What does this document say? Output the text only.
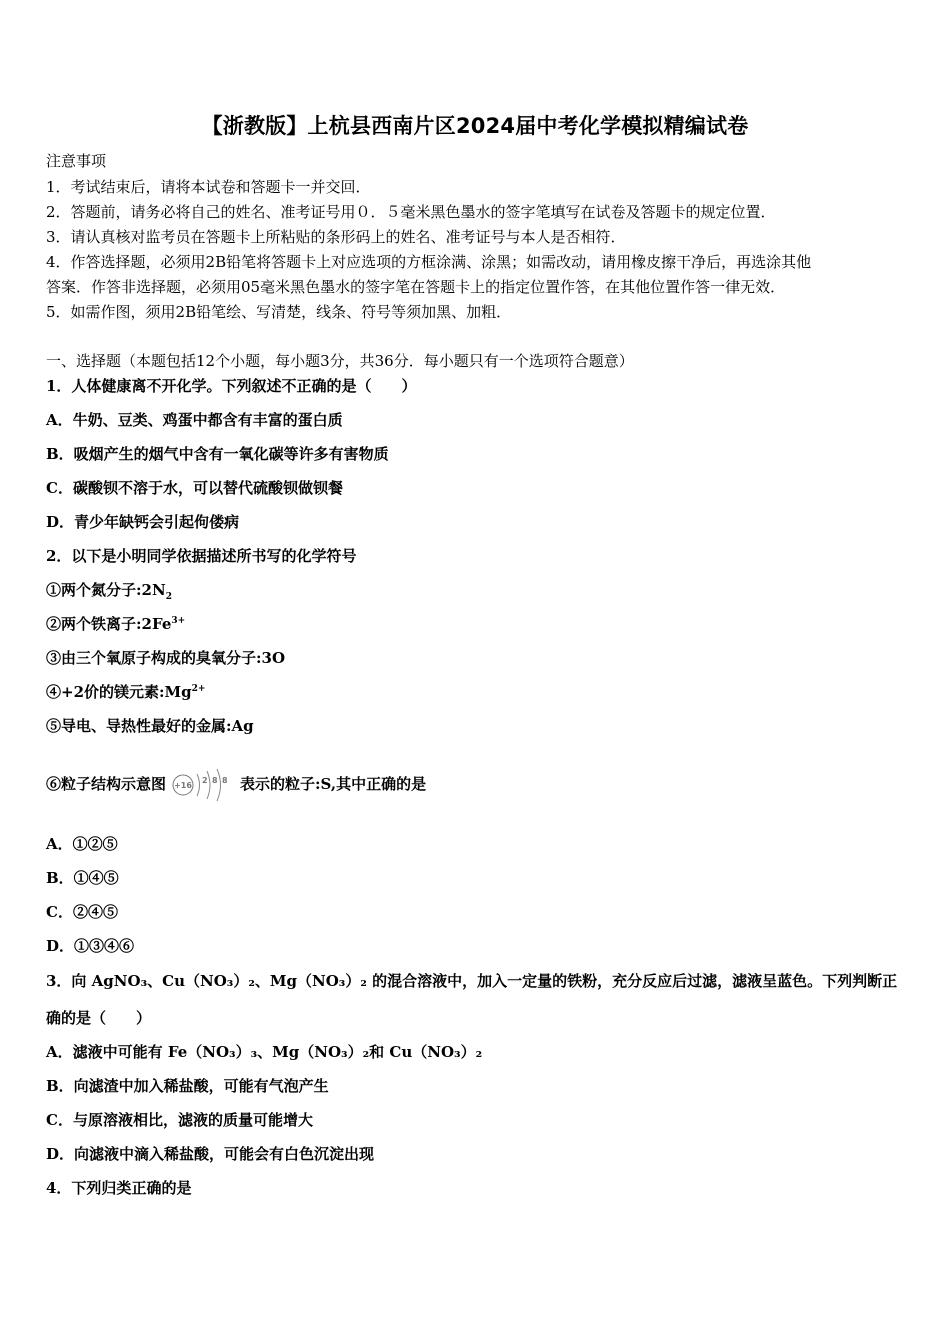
【浙教版】上杭县西南片区2024届中考化学模拟精编试卷
注意事项
1．考试结束后，请将本试卷和答题卡一并交回．
2．答题前，请务必将自己的姓名、准考证号用０．５毫米黑色墨水的签字笔填写在试卷及答题卡的规定位置．
3．请认真核对监考员在答题卡上所粘贴的条形码上的姓名、准考证号与本人是否相符．
4．作答选择题，必须用2B铅笔将答题卡上对应选项的方框涂满、涂黑；如需改动，请用橡皮擦干净后，再选涂其他
答案．作答非选择题，必须用05毫米黑色墨水的签字笔在答题卡上的指定位置作答，在其他位置作答一律无效．
5．如需作图，须用2B铅笔绘、写清楚，线条、符号等须加黑、加粗．
一、选择题（本题包括12个小题，每小题3分，共36分．每小题只有一个选项符合题意）
1．人体健康离不开化学。下列叙述不正确的是（　　）
A．牛奶、豆类、鸡蛋中都含有丰富的蛋白质
B．吸烟产生的烟气中含有一氧化碳等许多有害物质
C．碳酸钡不溶于水，可以替代硫酸钡做钡餐
D．青少年缺钙会引起佝偻病
2．以下是小明同学依据描述所书写的化学符号
①两个氮分子$:2N_2$
②两个铁离子$:2Fe^{3+}$
③由三个氧原子构成的臭氧分子:3O
④+2价的镁元素$:Mg^{2+}$
⑤导电、导热性最好的金属:Ag
⑥粒子结构示意图 +16
2 8 8 表示的粒子:S,其中正确的是
A．①②⑤
B．①④⑤
C．②④⑤
D．①③④⑥
3．向 AgNO₃、Cu（NO₃）₂、Mg（NO₃）₂ 的混合溶液中，加入一定量的铁粉，充分反应后过滤，滤液呈蓝色。下列判断正
确的是（　　）
A．滤液中可能有 Fe（NO₃）₃、Mg（NO₃）₂和 Cu（NO₃）₂
B．向滤渣中加入稀盐酸，可能有气泡产生
C．与原溶液相比，滤液的质量可能增大
D．向滤液中滴入稀盐酸，可能会有白色沉淀出现
4．下列归类正确的是
